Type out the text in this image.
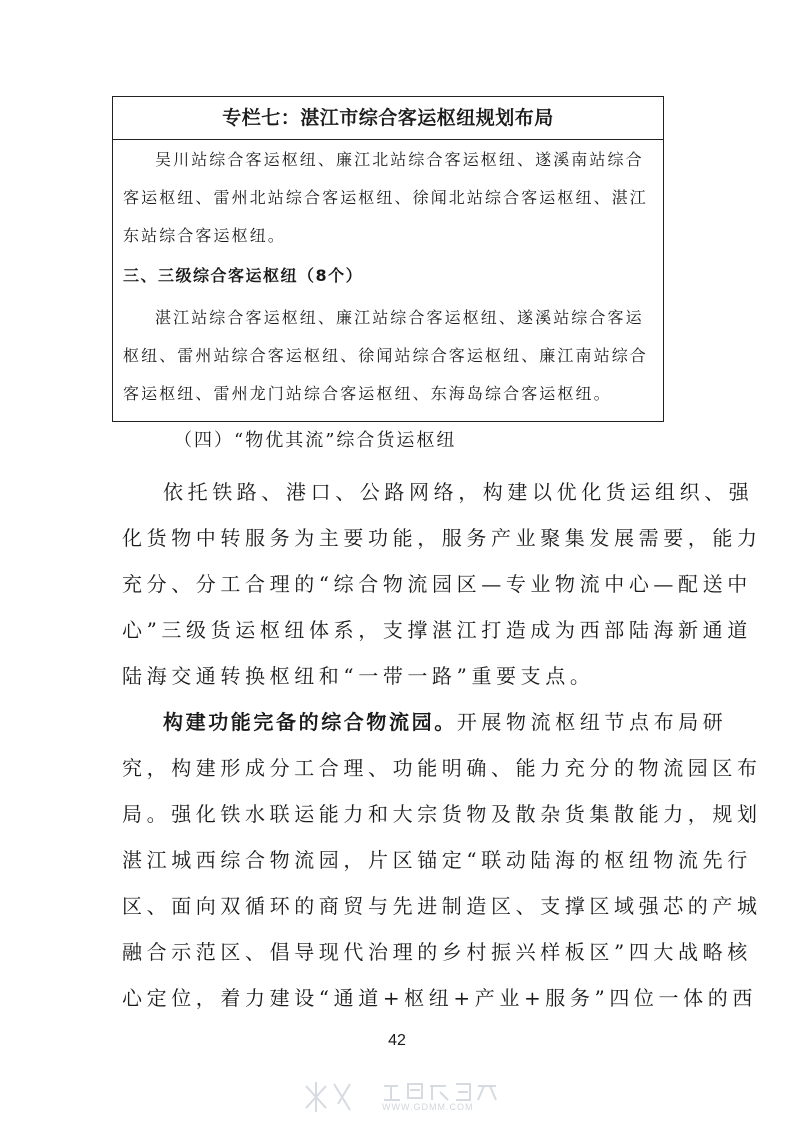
专栏七：湛江市综合客运枢纽规划布局
吴川站综合客运枢纽、廉江北站综合客运枢纽、遂溪南站综合
客运枢纽、雷州北站综合客运枢纽、徐闻北站综合客运枢纽、湛江
东站综合客运枢纽。
三、三级综合客运枢纽（8个）
湛江站综合客运枢纽、廉江站综合客运枢纽、遂溪站综合客运
枢纽、雷州站综合客运枢纽、徐闻站综合客运枢纽、廉江南站综合
客运枢纽、雷州龙门站综合客运枢纽、东海岛综合客运枢纽。
（四）“物优其流”综合货运枢纽
依托铁路、港口、公路网络，构建以优化货运组织、强
化货物中转服务为主要功能，服务产业聚集发展需要，能力
充分、分工合理的“综合物流园区—专业物流中心—配送中
心”三级货运枢纽体系，支撑湛江打造成为西部陆海新通道
陆海交通转换枢纽和“一带一路”重要支点。
构建功能完备的综合物流园。开展物流枢纽节点布局研
究，构建形成分工合理、功能明确、能力充分的物流园区布
局。强化铁水联运能力和大宗货物及散杂货集散能力，规划
湛江城西综合物流园，片区锚定“联动陆海的枢纽物流先行
区、面向双循环的商贸与先进制造区、支撑区域强芯的产城
融合示范区、倡导现代治理的乡村振兴样板区”四大战略核
心定位，着力建设“通道+枢纽+产业+服务”四位一体的西
42
WWW.GDMM.COM
